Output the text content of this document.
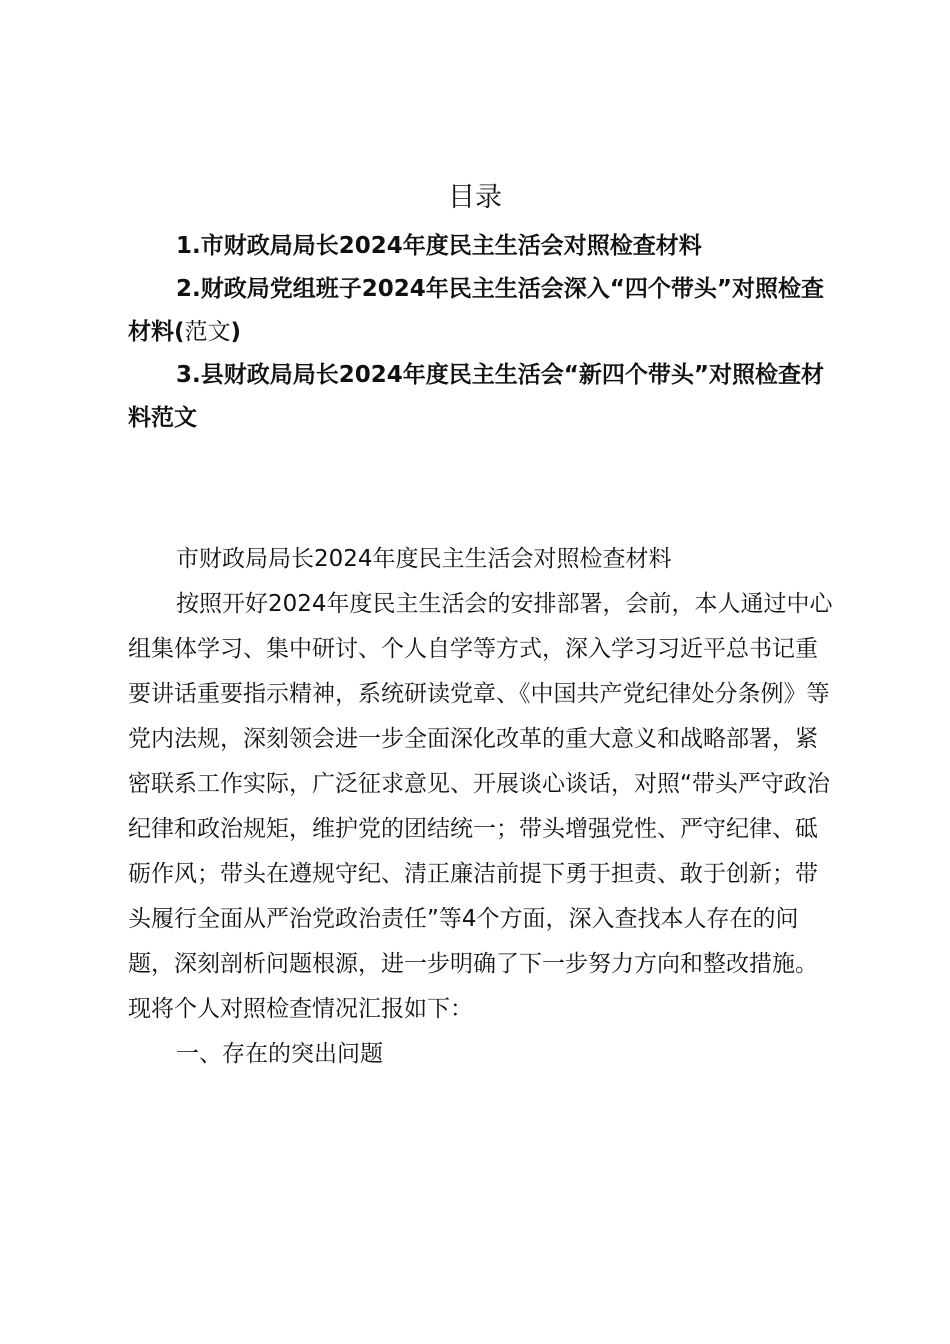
目录

1.市财政局局长2024年度民主生活会对照检查材料

2.财政局党组班子2024年民主生活会深入“四个带头”对照检查材料(范文)

3.县财政局局长2024年度民主生活会“新四个带头”对照检查材料范文

市财政局局长2024年度民主生活会对照检查材料

按照开好2024年度民主生活会的安排部署，会前，本人通过中心组集体学习、集中研讨、个人自学等方式，深入学习习近平总书记重要讲话重要指示精神，系统研读党章、《中国共产党纪律处分条例》等党内法规，深刻领会进一步全面深化改革的重大意义和战略部署，紧密联系工作实际，广泛征求意见、开展谈心谈话，对照“带头严守政治纪律和政治规矩，维护党的团结统一；带头增强党性、严守纪律、砥砺作风；带头在遵规守纪、清正廉洁前提下勇于担责、敢于创新；带头履行全面从严治党政治责任”等4个方面，深入查找本人存在的问题，深刻剖析问题根源，进一步明确了下一步努力方向和整改措施。现将个人对照检查情况汇报如下：

一、存在的突出问题
